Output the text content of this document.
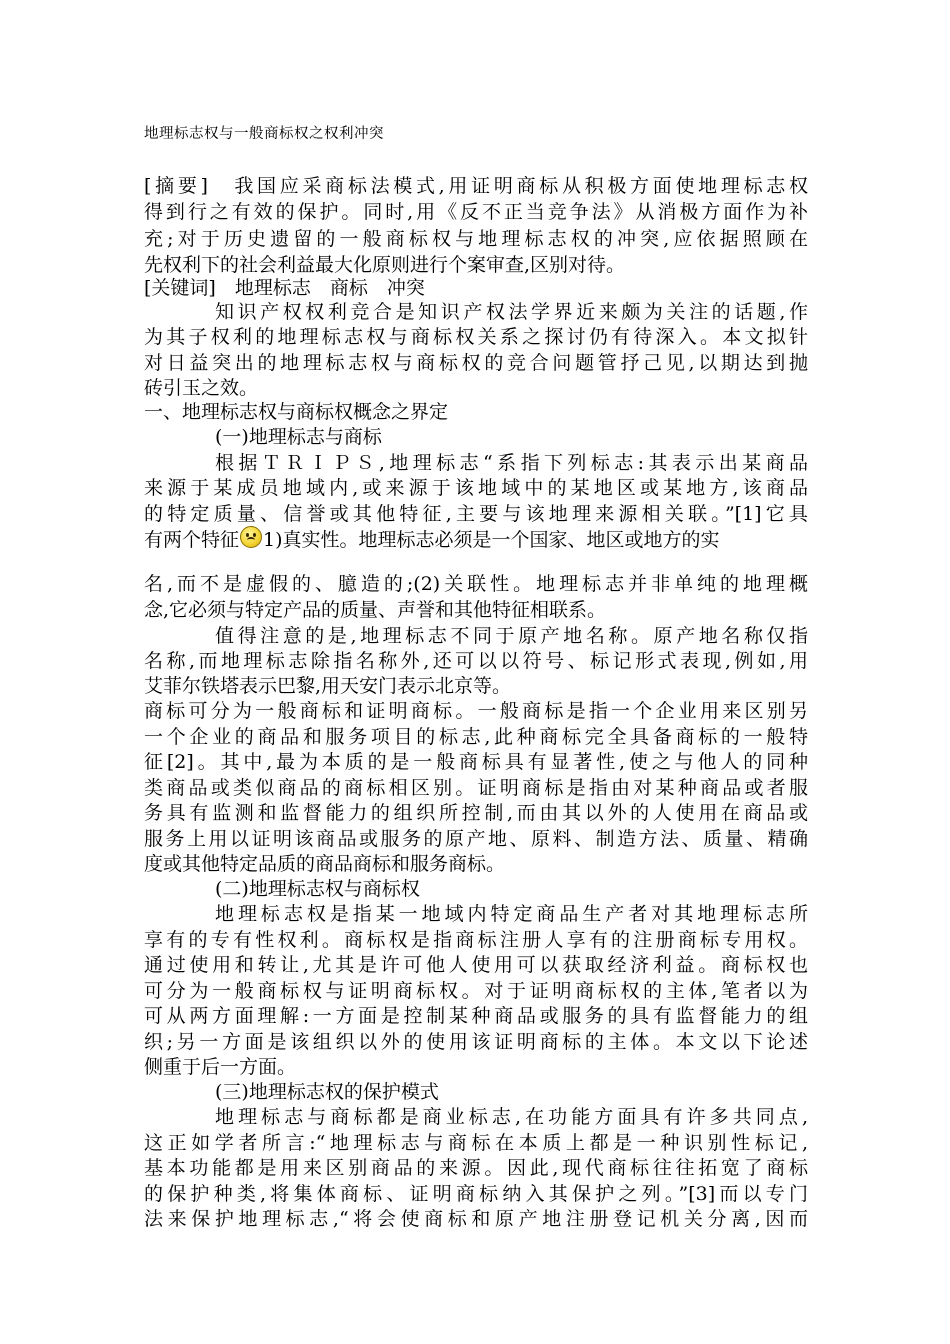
地理标志权与一般商标权之权利冲突
[摘要]　我国应采商标法模式,用证明商标从积极方面使地理标志权
得到行之有效的保护。同时,用《反不正当竞争法》从消极方面作为补
充;对于历史遗留的一般商标权与地理标志权的冲突,应依据照顾在
先权利下的社会利益最大化原则进行个案审查,区别对待。
[关键词]　地理标志　商标　冲突
知识产权权利竞合是知识产权法学界近来颇为关注的话题,作
为其子权利的地理标志权与商标权关系之探讨仍有待深入。本文拟针
对日益突出的地理标志权与商标权的竞合问题管抒己见,以期达到抛
砖引玉之效。
一、地理标志权与商标权概念之界定
(一)地理标志与商标
根据ＴＲＩＰＳ,地理标志“系指下列标志:其表示出某商品
来源于某成员地域内,或来源于该地域中的某地区或某地方,该商品
的特定质量、信誉或其他特征,主要与该地理来源相关联。”[1]它具
有两个特征 1)真实性。地理标志必须是一个国家、地区或地方的实
名,而不是虚假的、臆造的;(2)关联性。地理标志并非单纯的地理概
念,它必须与特定产品的质量、声誉和其他特征相联系。
值得注意的是,地理标志不同于原产地名称。原产地名称仅指
名称,而地理标志除指名称外,还可以以符号、标记形式表现,例如,用
艾菲尔铁塔表示巴黎,用天安门表示北京等。
商标可分为一般商标和证明商标。一般商标是指一个企业用来区别另
一个企业的商品和服务项目的标志,此种商标完全具备商标的一般特
征[2]。其中,最为本质的是一般商标具有显著性,使之与他人的同种
类商品或类似商品的商标相区别。证明商标是指由对某种商品或者服
务具有监测和监督能力的组织所控制,而由其以外的人使用在商品或
服务上用以证明该商品或服务的原产地、原料、制造方法、质量、精确
度或其他特定品质的商品商标和服务商标。
(二)地理标志权与商标权
地理标志权是指某一地域内特定商品生产者对其地理标志所
享有的专有性权利。商标权是指商标注册人享有的注册商标专用权。
通过使用和转让,尤其是许可他人使用可以获取经济利益。商标权也
可分为一般商标权与证明商标权。对于证明商标权的主体,笔者以为
可从两方面理解:一方面是控制某种商品或服务的具有监督能力的组
织;另一方面是该组织以外的使用该证明商标的主体。本文以下论述
侧重于后一方面。
(三)地理标志权的保护模式
地理标志与商标都是商业标志,在功能方面具有许多共同点,
这正如学者所言:“地理标志与商标在本质上都是一种识别性标记,
基本功能都是用来区别商品的来源。因此,现代商标往往拓宽了商标
的保护种类,将集体商标、证明商标纳入其保护之列。”[3]而以专门
法来保护地理标志,“将会使商标和原产地注册登记机关分离,因而
